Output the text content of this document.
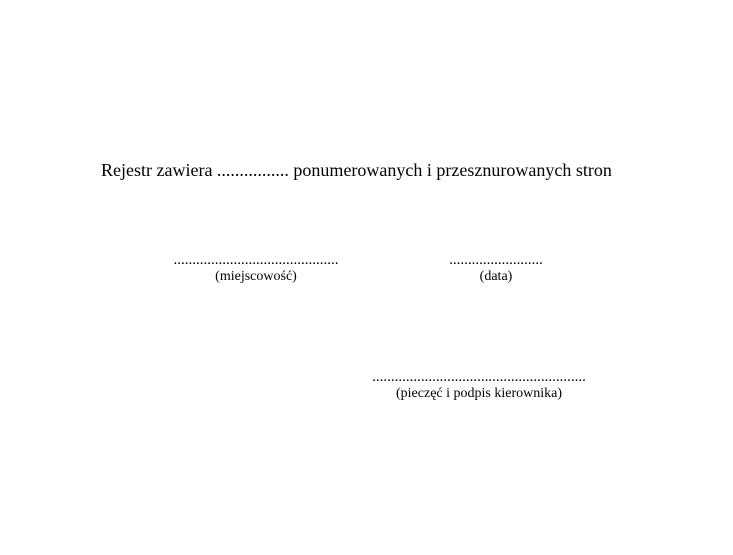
Rejestr zawiera ................ ponumerowanych i przesznurowanych stron
............................................
(miejscowość)
.........................
(data)
.........................................................
(pieczęć i podpis kierownika)
